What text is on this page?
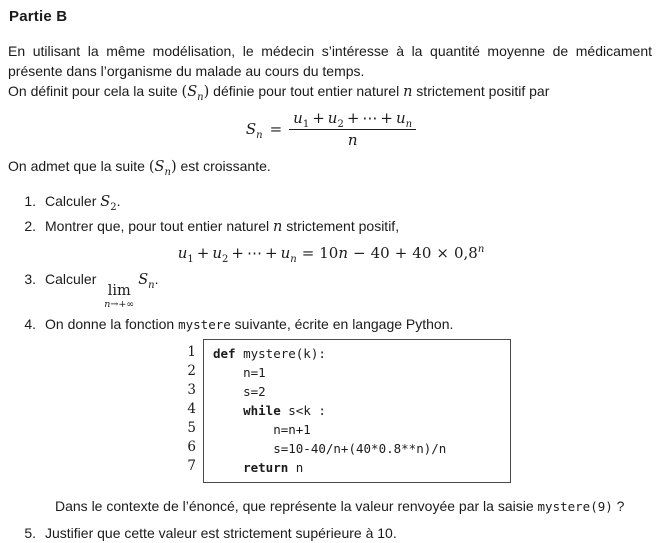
Partie B

En utilisant la même modélisation, le médecin s’intéresse à la quantité moyenne de médicament présente dans l’organisme du malade au cours du temps.

On définit pour cela la suite $(S_n)$ définie pour tout entier naturel n strictement positif par

$S_n = \frac{u_1 + u_2 + \cdots + u_n}{n}$

On admet que la suite $(S_n)$ est croissante.

1. Calculer $S_2$.
2. Montrer que, pour tout entier naturel n strictement positif,
$u_1 + u_2$ + ⋯ + $u_n = 10n - 40 + 40 \times 0,8^n$
3. Calculer
lim
n→+∞
$S_n$.
4. On donne la fonction mystere suivante, écrite en langage Python.
1
2
3
4
5
6
7
def mystere(k):
n=1
s=2
while s<k :
n=n+1
s=10-40/n+(40*0.8**n)/n
return n

Dans le contexte de l’énoncé, que représente la valeur renvoyée par la saisie mystere(9) ?

5. Justifier que cette valeur est strictement supérieure à 10.
